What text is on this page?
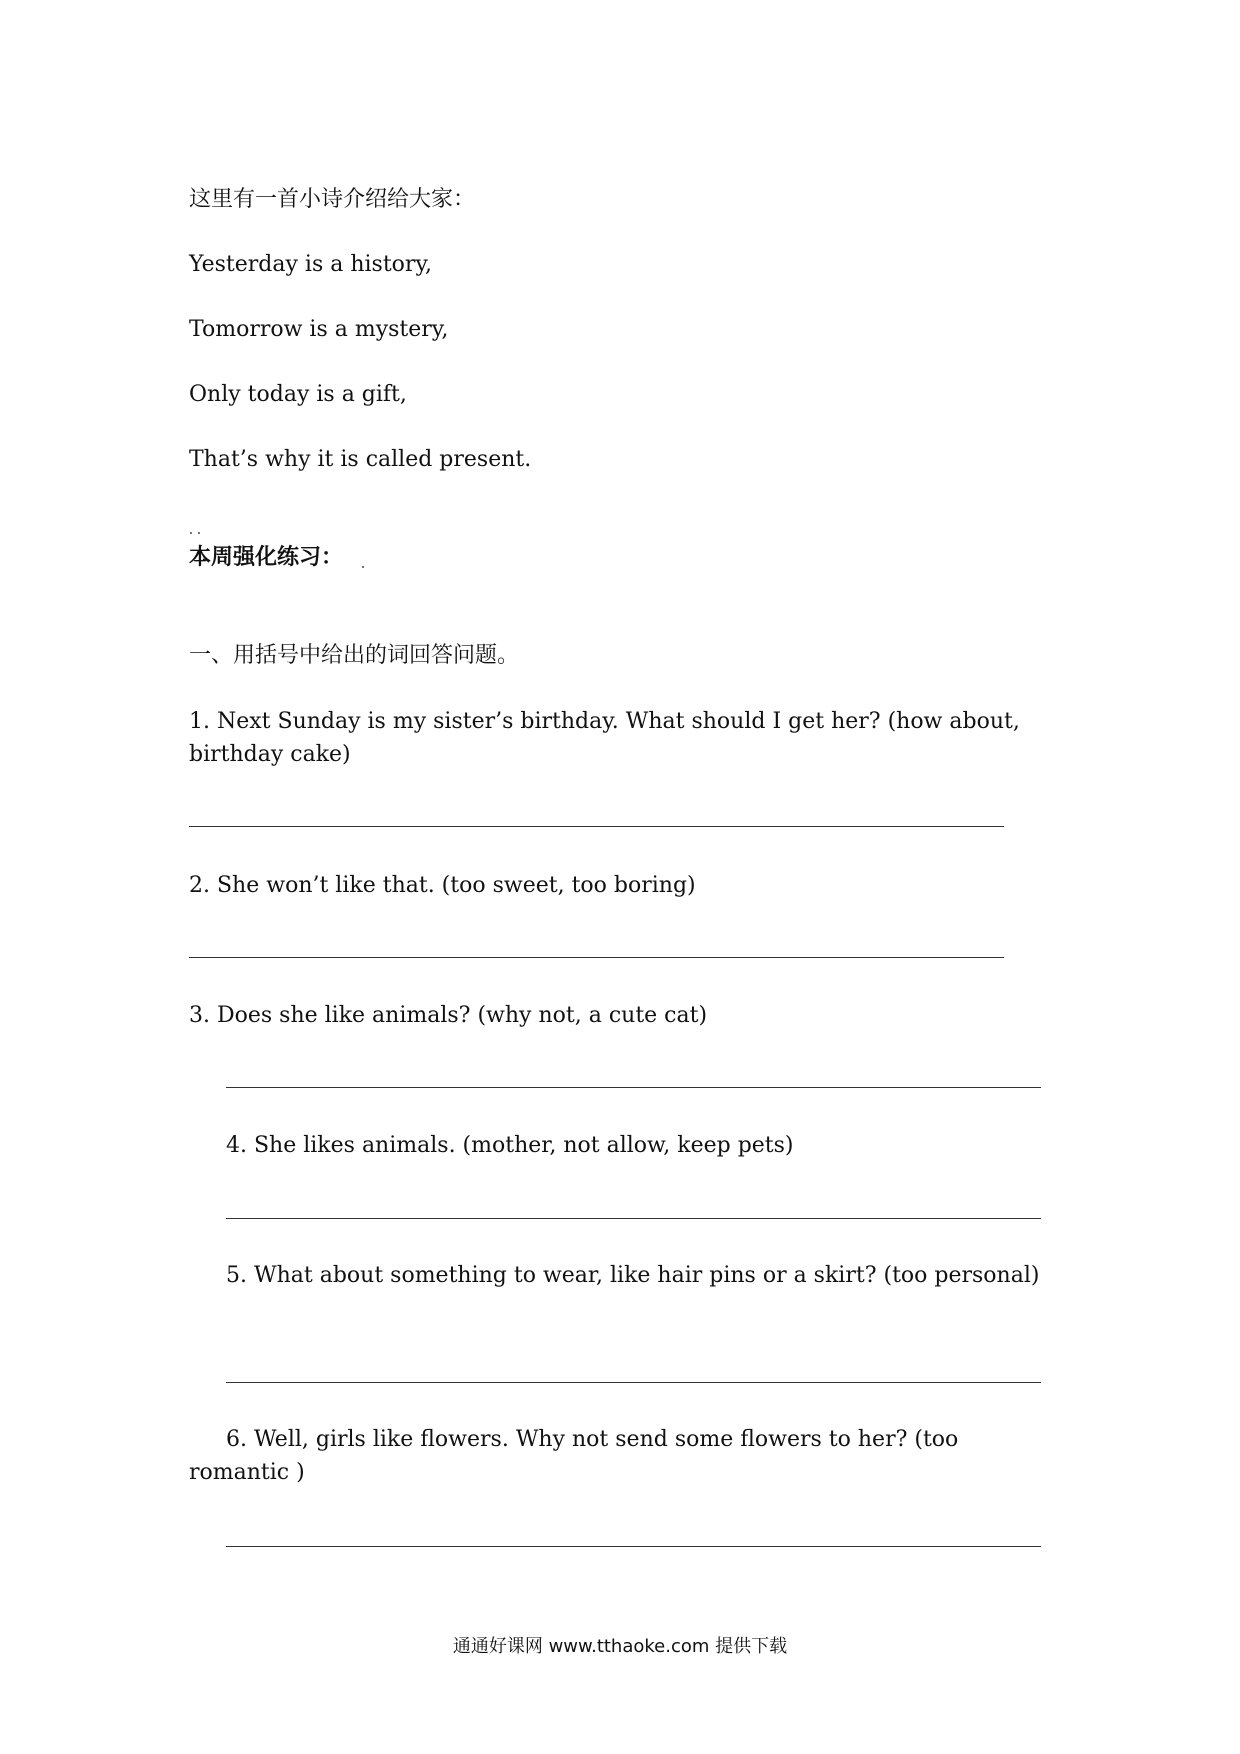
这里有一首小诗介绍给大家：
Yesterday is a history,
Tomorrow is a mystery,
Only today is a gift,
That’s why it is called present.
本周强化练习：
一、用括号中给出的词回答问题。
1. Next Sunday is my sister’s birthday. What should I get her? (how about, birthday cake)
2. She won’t like that. (too sweet, too boring)
3. Does she like animals? (why not, a cute cat)
4. She likes animals. (mother, not allow, keep pets)
5. What about something to wear, like hair pins or a skirt? (too personal)
6. Well, girls like flowers. Why not send some flowers to her? (too romantic )
通通好课网 www.tthaoke.com 提供下载
